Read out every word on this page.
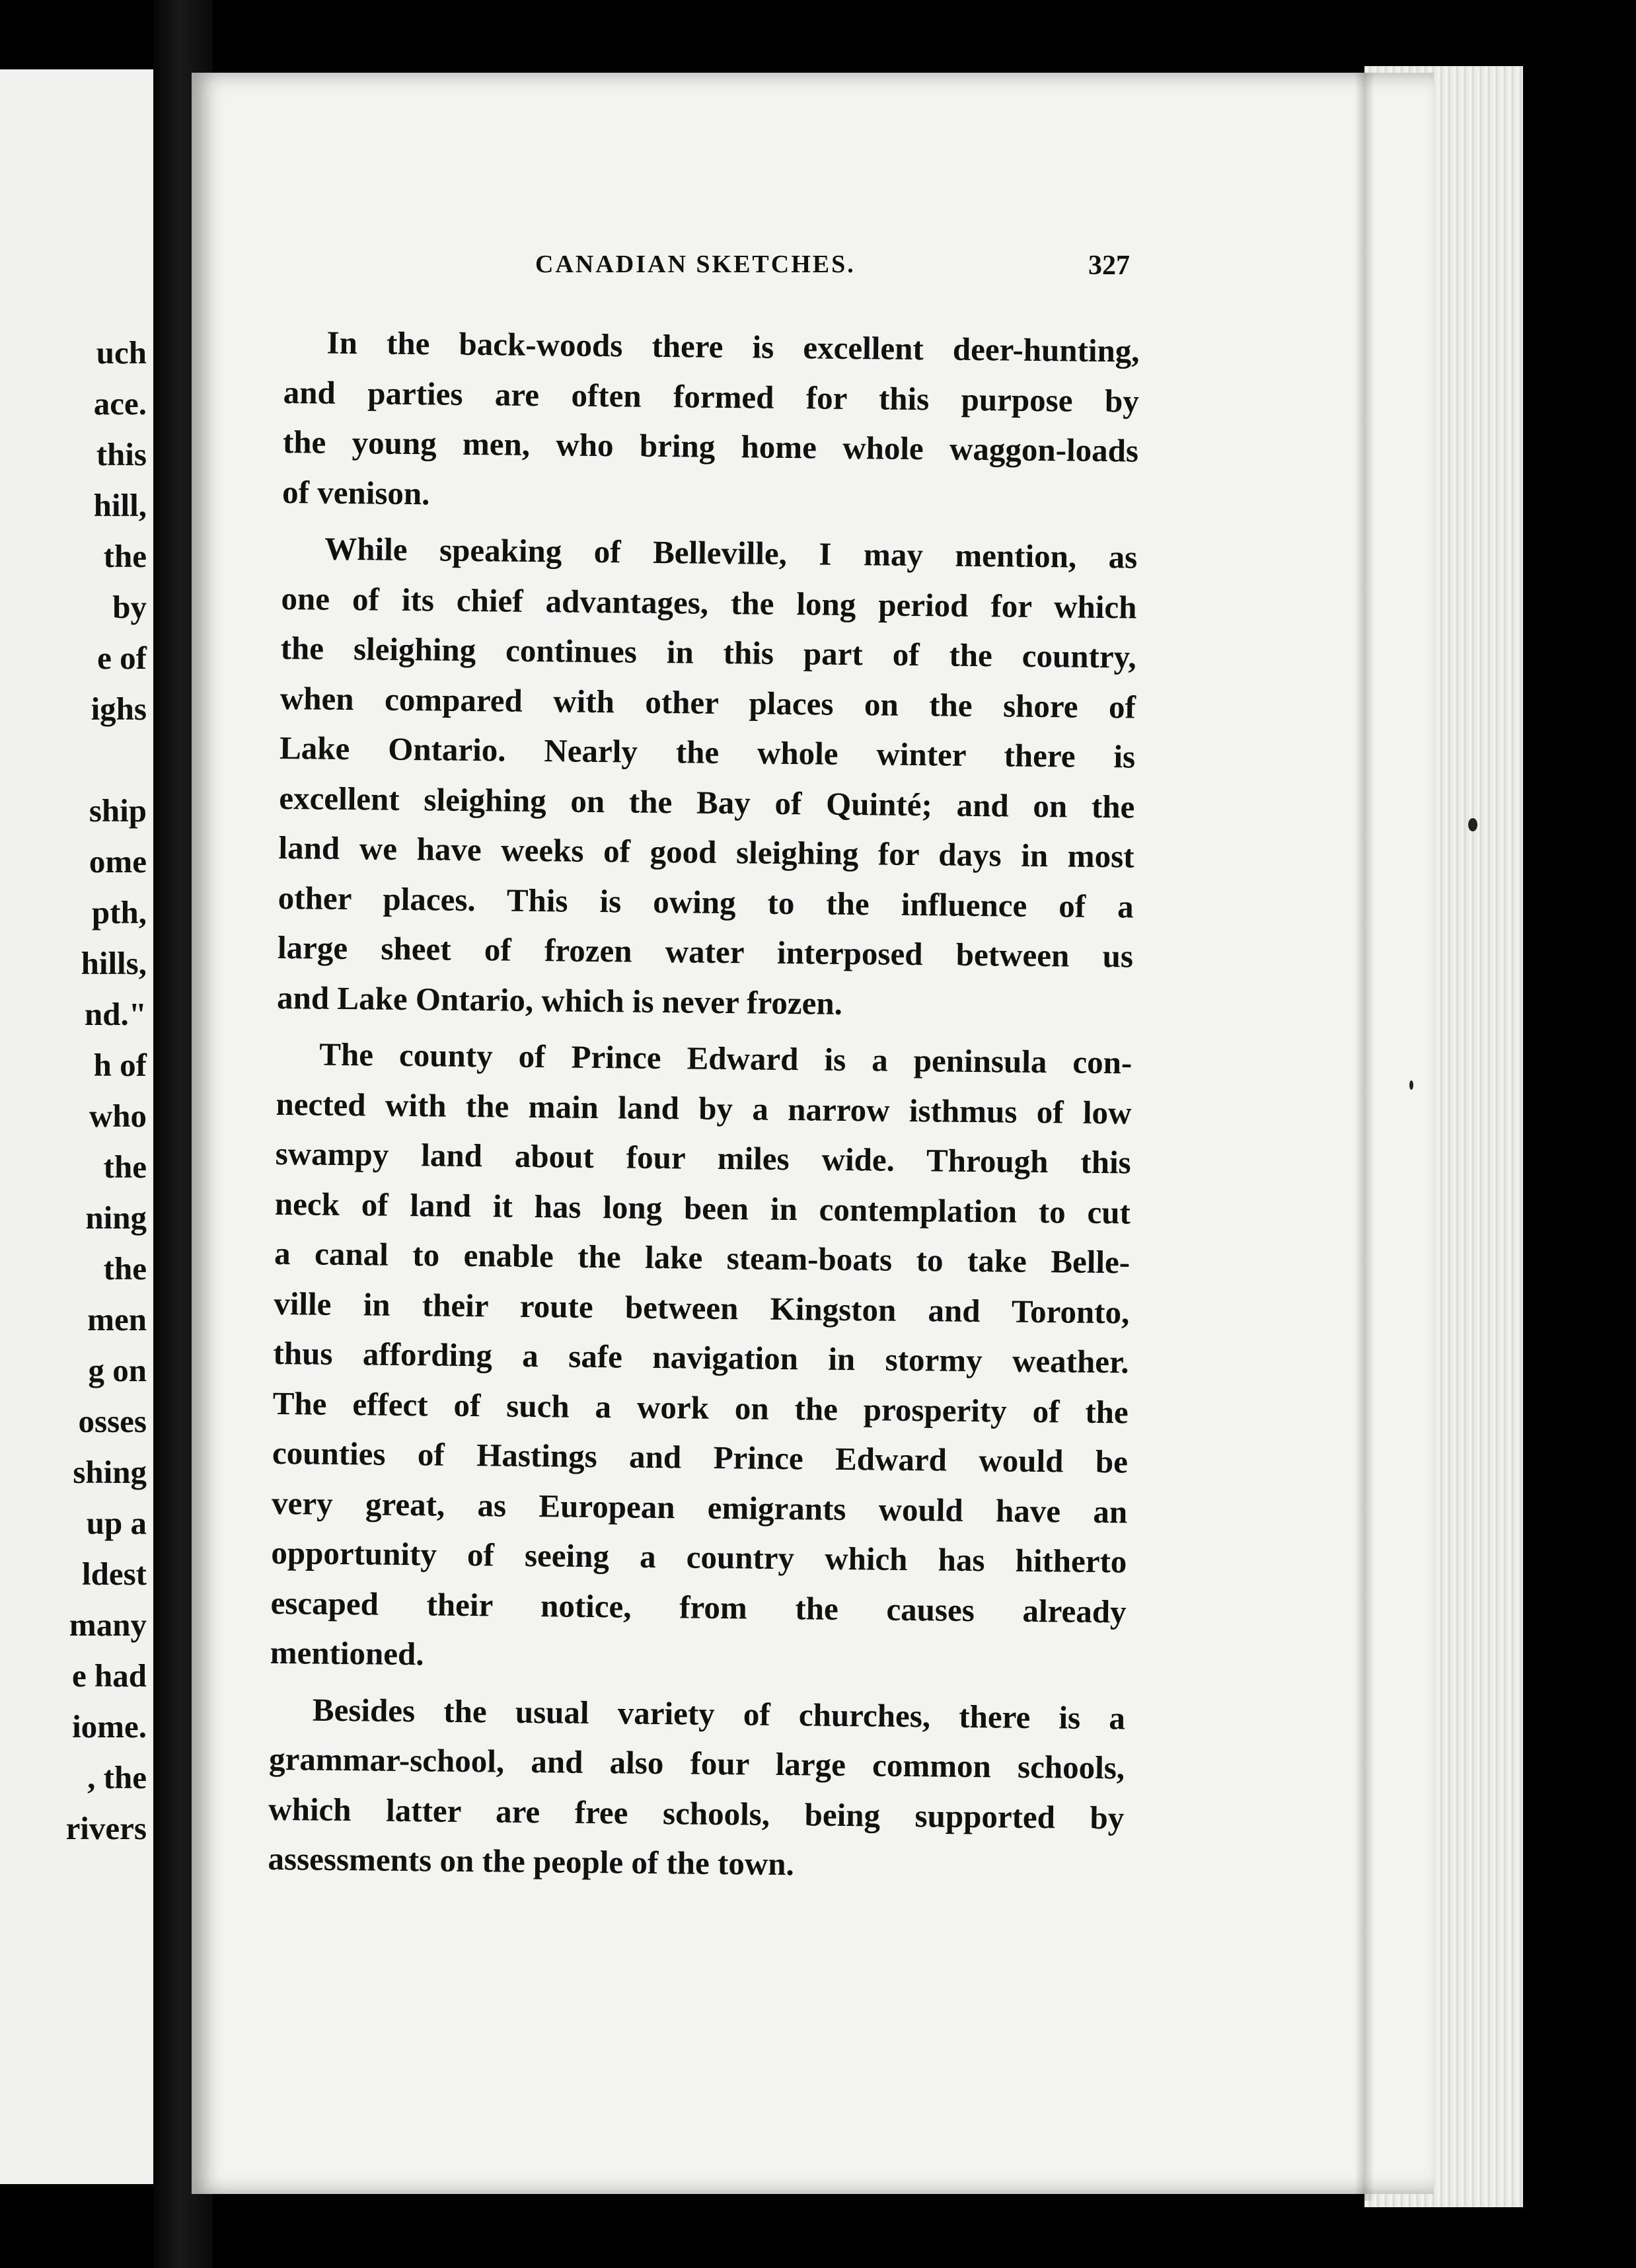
uch
ace.
this
hill,
the
by
e of
ighs
ship
ome
pth,
hills,
nd."
h of
who
the
ning
the
men
g on
osses
shing
up a
ldest
many
e had
iome.
, the
rivers
CANADIAN SKETCHES.	327
In the back-woods there is excellent deer-hunting,
and parties are often formed for this purpose by
the young men, who bring home whole waggon-loads
of venison.
While speaking of Belleville, I may mention, as
one of its chief advantages, the long period for which
the sleighing continues in this part of the country,
when compared with other places on the shore of
Lake Ontario. Nearly the whole winter there is
excellent sleighing on the Bay of Quinté; and on the
land we have weeks of good sleighing for days in most
other places. This is owing to the influence of a
large sheet of frozen water interposed between us
and Lake Ontario, which is never frozen.
The county of Prince Edward is a peninsula con-
nected with the main land by a narrow isthmus of low
swampy land about four miles wide. Through this
neck of land it has long been in contemplation to cut
a canal to enable the lake steam-boats to take Belle-
ville in their route between Kingston and Toronto,
thus affording a safe navigation in stormy weather.
The effect of such a work on the prosperity of the
counties of Hastings and Prince Edward would be
very great, as European emigrants would have an
opportunity of seeing a country which has hitherto
escaped their notice, from the causes already
mentioned.
Besides the usual variety of churches, there is a
grammar-school, and also four large common schools,
which latter are free schools, being supported by
assessments on the people of the town.
